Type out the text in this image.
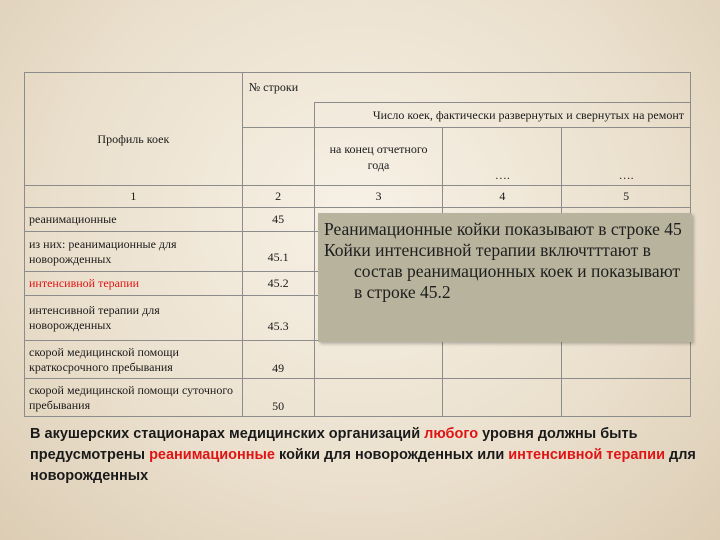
Профиль коек	№ строки			
		Число коек, фактически развернутых и свернутых на ремонт		
		на конец отчетного года	….	….
1	2	3	4	5
реанимационные	45			
из них: реанимационные для новорожденных	45.1			
интенсивной терапии	45.2			
интенсивной терапии для новорожденных	45.3			
скорой медицинской помощи краткосрочного пребывания	49			
скорой медицинской помощи суточного пребывания	50			

Реанимационные койки показывают в строке 45

Койки интенсивной терапии включтттают в состав реанимационных коек и показывают в строке 45.2

В акушерских стационарах медицинских организаций любого уровня должны быть предусмотрены реанимационные койки для новорожденных или интенсивной терапии для новорожденных
